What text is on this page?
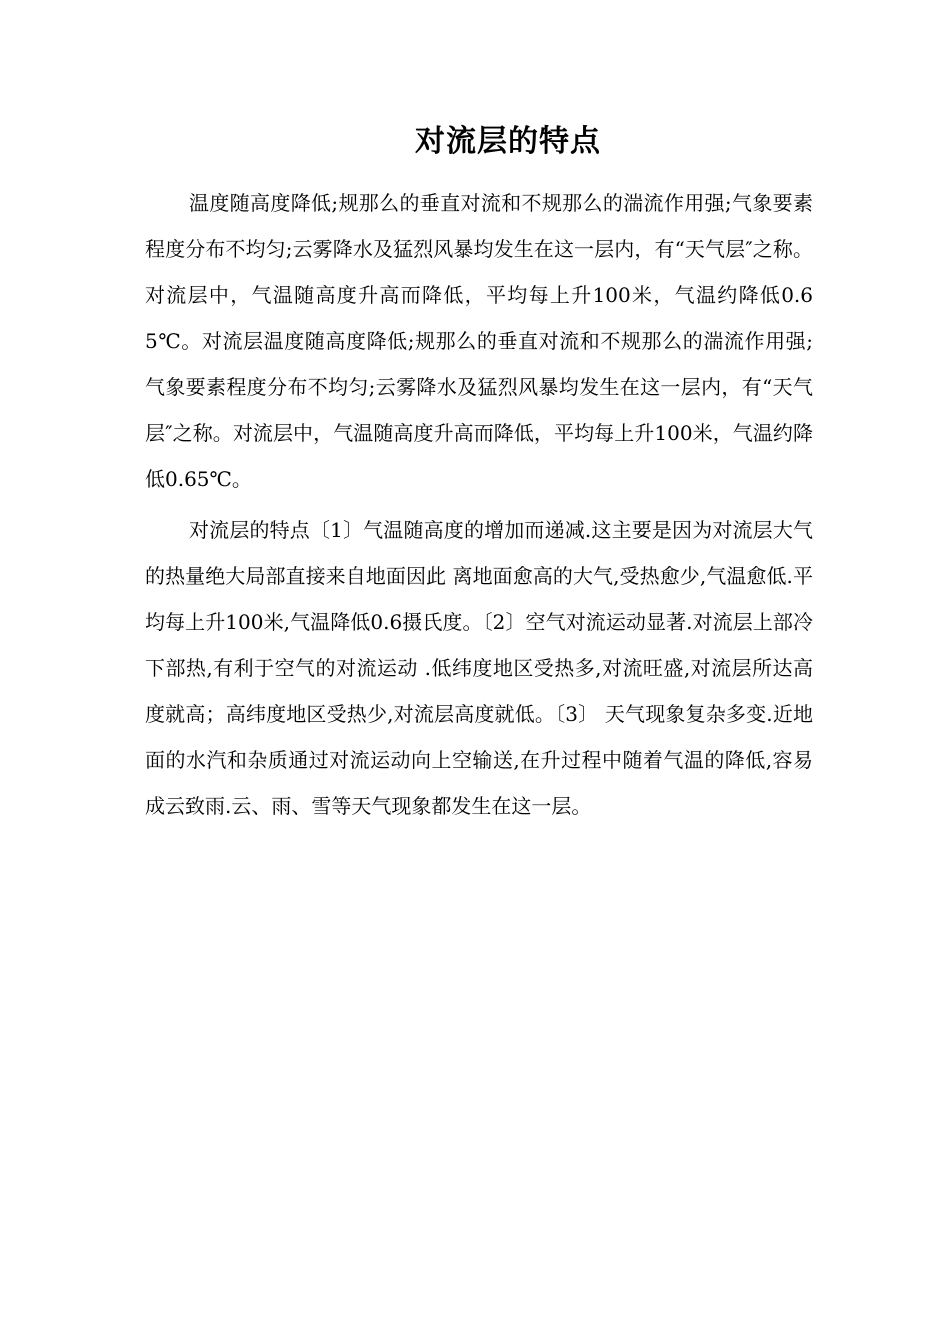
对流层的特点

温度随高度降低;规那么的垂直对流和不规那么的湍流作用强;气象要素程度分布不均匀;云雾降水及猛烈风暴均发生在这一层内，有“天气层″之称。对流层中，气温随高度升高而降低，平均每上升100米，气温约降低0.65℃。对流层温度随高度降低;规那么的垂直对流和不规那么的湍流作用强;气象要素程度分布不均匀;云雾降水及猛烈风暴均发生在这一层内，有“天气层″之称。对流层中，气温随高度升高而降低，平均每上升100米，气温约降低0.65℃。

对流层的特点〔1〕气温随高度的增加而递减.这主要是因为对流层大气的热量绝大局部直接来自地面因此 离地面愈高的大气,受热愈少,气温愈低.平均每上升100米,气温降低0.6摄氏度。〔2〕空气对流运动显著.对流层上部冷下部热,有利于空气的对流运动 .低纬度地区受热多,对流旺盛,对流层所达高度就高；高纬度地区受热少,对流层高度就低。〔3〕 天气现象复杂多变.近地面的水汽和杂质通过对流运动向上空输送,在升过程中随着气温的降低,容易成云致雨.云、雨、雪等天气现象都发生在这一层。
